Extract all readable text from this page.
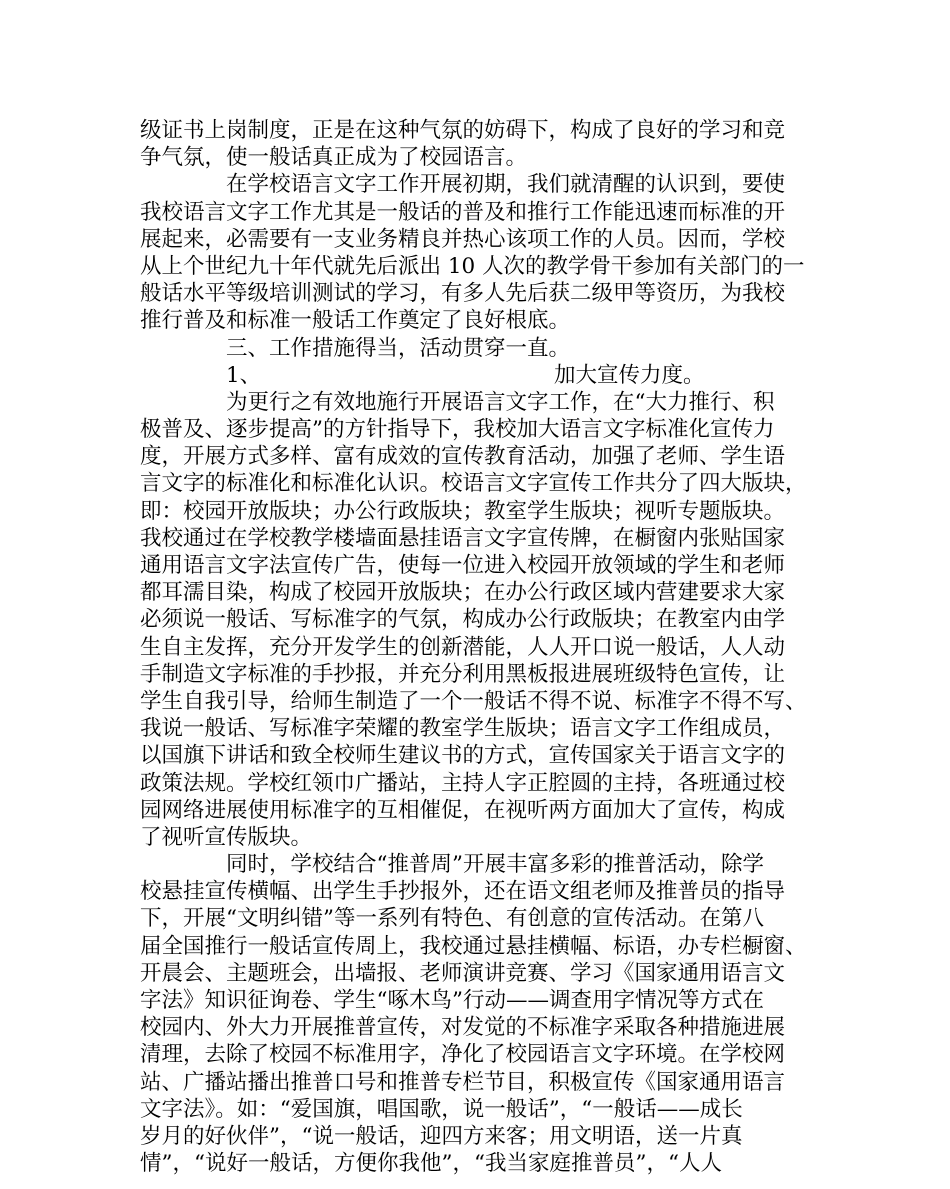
级证书上岗制度，正是在这种气氛的妨碍下，构成了良好的学习和竞
争气氛，使一般话真正成为了校园语言。
在学校语言文字工作开展初期，我们就清醒的认识到，要使
我校语言文字工作尤其是一般话的普及和推行工作能迅速而标准的开
展起来，必需要有一支业务精良并热心该项工作的人员。因而，学校
从上个世纪九十年代就先后派出 10 人次的教学骨干参加有关部门的一
般话水平等级培训测试的学习，有多人先后获二级甲等资历，为我校
推行普及和标准一般话工作奠定了良好根底。
三、工作措施得当，活动贯穿一直。
1、	加大宣传力度。
为更行之有效地施行开展语言文字工作，在“大力推行、积
极普及、逐步提高”的方针指导下，我校加大语言文字标准化宣传力
度，开展方式多样、富有成效的宣传教育活动，加强了老师、学生语
言文字的标准化和标准化认识。校语言文字宣传工作共分了四大版块，
即：校园开放版块；办公行政版块；教室学生版块；视听专题版块。
我校通过在学校教学楼墙面悬挂语言文字宣传牌，在橱窗内张贴国家
通用语言文字法宣传广告，使每一位进入校园开放领域的学生和老师
都耳濡目染，构成了校园开放版块；在办公行政区域内营建要求大家
必须说一般话、写标准字的气氛，构成办公行政版块；在教室内由学
生自主发挥，充分开发学生的创新潜能，人人开口说一般话，人人动
手制造文字标准的手抄报，并充分利用黑板报进展班级特色宣传，让
学生自我引导，给师生制造了一个一般话不得不说、标准字不得不写、
我说一般话、写标准字荣耀的教室学生版块；语言文字工作组成员，
以国旗下讲话和致全校师生建议书的方式，宣传国家关于语言文字的
政策法规。学校红领巾广播站，主持人字正腔圆的主持，各班通过校
园网络进展使用标准字的互相催促，在视听两方面加大了宣传，构成
了视听宣传版块。
同时，学校结合“推普周”开展丰富多彩的推普活动，除学
校悬挂宣传横幅、出学生手抄报外，还在语文组老师及推普员的指导
下，开展“文明纠错”等一系列有特色、有创意的宣传活动。在第八
届全国推行一般话宣传周上，我校通过悬挂横幅、标语，办专栏橱窗、
开晨会、主题班会，出墙报、老师演讲竞赛、学习《国家通用语言文
字法》知识征询卷、学生“啄木鸟”行动——调查用字情况等方式在
校园内、外大力开展推普宣传，对发觉的不标准字采取各种措施进展
清理，去除了校园不标准用字，净化了校园语言文字环境。在学校网
站、广播站播出推普口号和推普专栏节目，积极宣传《国家通用语言
文字法》。如：“爱国旗，唱国歌，说一般话”，“一般话——成长
岁月的好伙伴”，“说一般话，迎四方来客；用文明语，送一片真
情”，“说好一般话，方便你我他”，“我当家庭推普员”，“人人
